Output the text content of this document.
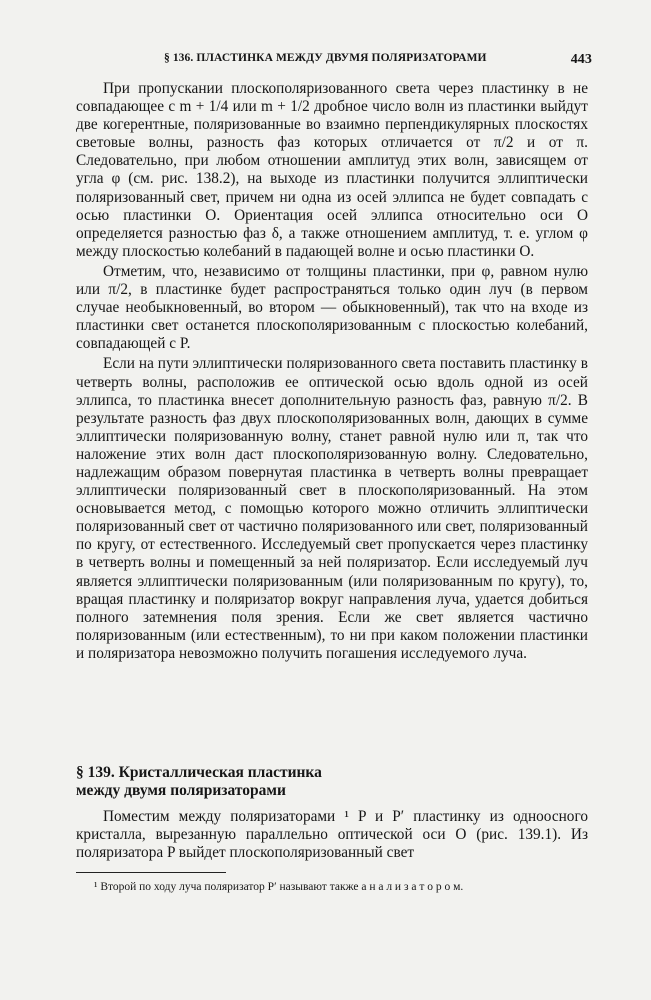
§ 136. ПЛАСТИНКА МЕЖДУ ДВУМЯ ПОЛЯРИЗАТОРАМИ	443

При пропускании плоскополяризованного света через пластинку в не совпадающее с m + 1/4 или m + 1/2 дробное число волн из пластинки выйдут две когерентные, поляризованные во взаимно перпендикулярных плоскостях световые волны, разность фаз которых отличается от π/2 и от π. Следовательно, при любом отношении амплитуд этих волн, зависящем от угла φ (см. рис. 138.2), на выходе из пластинки получится эллиптически поляризованный свет, причем ни одна из осей эллипса не будет совпадать с осью пластинки O. Ориентация осей эллипса относительно оси O определяется разностью фаз δ, а также отношением амплитуд, т. е. углом φ между плоскостью колебаний в падающей волне и осью пластинки O.

Отметим, что, независимо от толщины пластинки, при φ, равном нулю или π/2, в пластинке будет распространяться только один луч (в первом случае необыкновенный, во втором — обыкновенный), так что на входе из пластинки свет останется плоскополяризованным с плоскостью колебаний, совпадающей с P.

Если на пути эллиптически поляризованного света поставить пластинку в четверть волны, расположив ее оптической осью вдоль одной из осей эллипса, то пластинка внесет дополнительную разность фаз, равную π/2. В результате разность фаз двух плоскополяризованных волн, дающих в сумме эллиптически поляризованную волну, станет равной нулю или π, так что наложение этих волн даст плоскополяризованную волну. Следовательно, надлежащим образом повернутая пластинка в четверть волны превращает эллиптически поляризованный свет в плоскополяризованный. На этом основывается метод, с помощью которого можно отличить эллиптически поляризованный свет от частично поляризованного или свет, поляризованный по кругу, от естественного. Исследуемый свет пропускается через пластинку в четверть волны и помещенный за ней поляризатор. Если исследуемый луч является эллиптически поляризованным (или поляризованным по кругу), то, вращая пластинку и поляризатор вокруг направления луча, удается добиться полного затемнения поля зрения. Если же свет является частично поляризованным (или естественным), то ни при каком положении пластинки и поляризатора невозможно получить погашения исследуемого луча.

§ 139. Кристаллическая пластинка
между двумя поляризаторами

Поместим между поляризаторами ¹ P и P′ пластинку из одноосного кристалла, вырезанную параллельно оптической оси O (рис. 139.1). Из поляризатора P выйдет плоскополяризованный свет

¹ Второй по ходу луча поляризатор P′ называют также а н а л и з а т о р о м.
